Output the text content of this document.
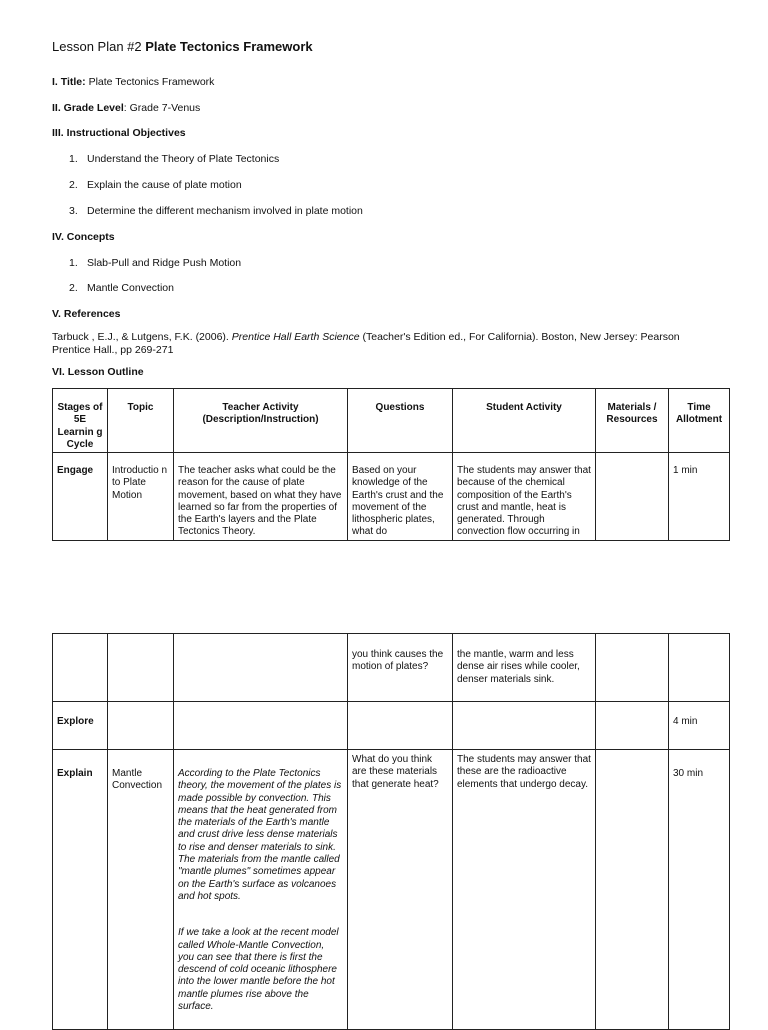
Lesson Plan #2 Plate Tectonics Framework
I. Title: Plate Tectonics Framework
II. Grade Level: Grade 7-Venus
III. Instructional Objectives
1. Understand the Theory of Plate Tectonics
2. Explain the cause of plate motion
3. Determine the different mechanism involved in plate motion
IV. Concepts
1. Slab-Pull and Ridge Push Motion
2. Mantle Convection
V. References
Tarbuck , E.J., & Lutgens, F.K. (2006). Prentice Hall Earth Science (Teacher's Edition ed., For California). Boston, New Jersey: Pearson Prentice Hall., pp 269-271
VI. Lesson Outline
Stages of 5E Learnin g Cycle	Topic	Teacher Activity (Description/Instruction)	Questions	Student Activity	Materials / Resources	Time Allotment
Engage	Introductio n to Plate Motion	The teacher asks what could be the reason for the cause of plate movement, based on what they have learned so far from the properties of the Earth's layers and the Plate Tectonics Theory.	Based on your knowledge of the Earth's crust and the movement of the lithospheric plates, what do	The students may answer that because of the chemical composition of the Earth's crust and mantle, heat is generated. Through convection flow occurring in		1 min
			you think causes the motion of plates?	the mantle, warm and less dense air rises while cooler, denser materials sink.		
Explore						4 min
Explain	Mantle Convection	According to the Plate Tectonics theory, the movement of the plates is made possible by convection. This means that the heat generated from the materials of the Earth's mantle and crust drive less dense materials to rise and denser materials to sink. The materials from the mantle called "mantle plumes" sometimes appear on the Earth's surface as volcanoes and hot spots.
If we take a look at the recent model called Whole-Mantle Convection, you can see that there is first the descend of cold oceanic lithosphere into the lower mantle before the hot mantle plumes rise above the surface.	What do you think are these materials that generate heat?	The students may answer that these are the radioactive elements that undergo decay.		30 min
